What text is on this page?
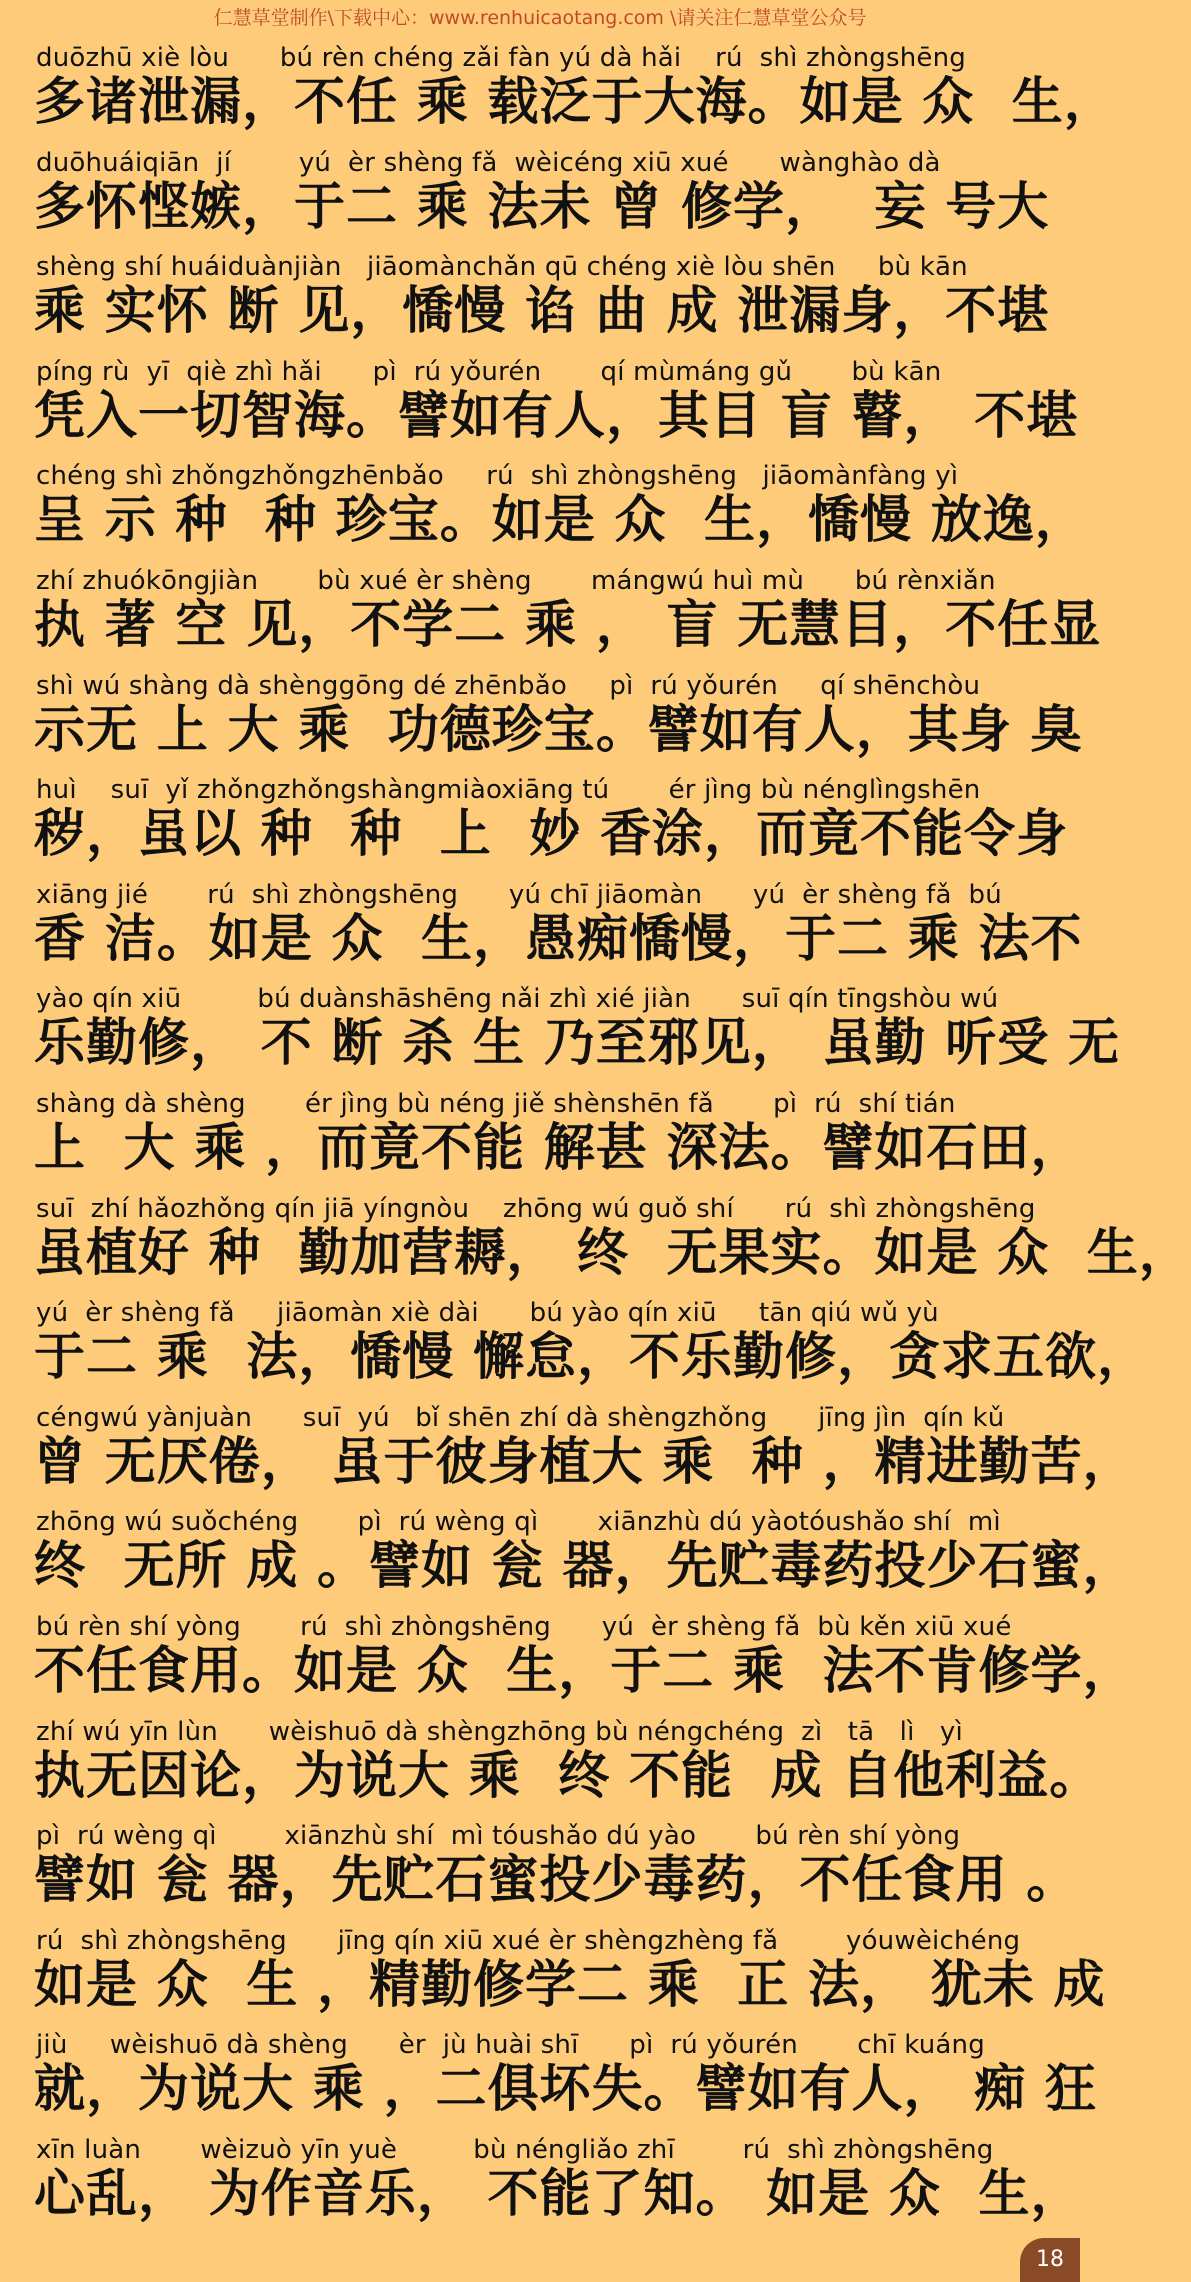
仁慧草堂制作\下载中心：www.renhuicaotang.com \请关注仁慧草堂公众号
duōzhū xiè lòu      bú rèn chéng zǎi fàn yú dà hǎi    rú  shì zhòngshēng
多诸泄漏，不任 乘 载泛于大海。如是 众  生，
duōhuáiqiān  jí        yú  èr shèng fǎ  wèicéng xiū xué      wànghào dà
多怀悭嫉，于二 乘 法未 曾 修学，  妄 号大
shèng shí huáiduànjiàn   jiāomànchǎn qū chéng xiè lòu shēn     bù kān
乘 实怀 断 见，憍慢 谄 曲 成 泄漏身，不堪
píng rù  yī  qiè zhì hǎi      pì  rú yǒurén       qí mùmáng gǔ       bù kān
凭入一切智海。譬如有人，其目 盲 瞽， 不堪
chéng shì zhǒngzhǒngzhēnbǎo     rú  shì zhòngshēng   jiāomànfàng yì
呈 示 种  种 珍宝。如是 众  生，憍慢 放逸，
zhí zhuókōngjiàn       bù xué èr shèng       mángwú huì mù      bú rènxiǎn
执 著 空 见，不学二 乘 ， 盲 无慧目，不任显
shì wú shàng dà shènggōng dé zhēnbǎo     pì  rú yǒurén     qí shēnchòu
示无 上 大 乘  功德珍宝。譬如有人，其身 臭
huì    suī  yǐ zhǒngzhǒngshàngmiàoxiāng tú       ér jìng bù nénglìngshēn
秽，虽以 种  种  上  妙 香涂，而竟不能令身
xiāng jié       rú  shì zhòngshēng      yú chī jiāomàn      yú  èr shèng fǎ  bú
香 洁。如是 众  生，愚痴憍慢，于二 乘 法不
yào qín xiū         bú duànshāshēng nǎi zhì xié jiàn      suī qín tīngshòu wú
乐勤修， 不 断 杀 生 乃至邪见， 虽勤 听受 无
shàng dà shèng       ér jìng bù néng jiě shènshēn fǎ       pì  rú  shí tián
上  大 乘 ，而竟不能 解甚 深法。譬如石田，
suī  zhí hǎozhǒng qín jiā yíngnòu    zhōng wú guǒ shí      rú  shì zhòngshēng
虽植好 种  勤加营耨， 终  无果实。如是 众  生，
yú  èr shèng fǎ     jiāomàn xiè dài      bú yào qín xiū     tān qiú wǔ yù
于二 乘  法，憍慢 懈怠，不乐勤修，贪求五欲，
céngwú yànjuàn      suī  yú   bǐ shēn zhí dà shèngzhǒng      jīng jìn  qín kǔ
曾 无厌倦， 虽于彼身植大 乘  种 ，精进勤苦，
zhōng wú suǒchéng       pì  rú wèng qì       xiānzhù dú yàotóushǎo shí  mì
终  无所 成 。譬如 瓮 器，先贮毒药投少石蜜，
bú rèn shí yòng       rú  shì zhòngshēng      yú  èr shèng fǎ  bù kěn xiū xué
不任食用。如是 众  生，于二 乘  法不肯修学，
zhí wú yīn lùn      wèishuō dà shèngzhōng bù néngchéng  zì   tā   lì   yì
执无因论，为说大 乘  终 不能  成 自他利益。
pì  rú wèng qì        xiānzhù shí  mì tóushǎo dú yào       bú rèn shí yòng
譬如 瓮 器，先贮石蜜投少毒药，不任食用 。
rú  shì zhòngshēng      jīng qín xiū xué èr shèngzhèng fǎ        yóuwèichéng
如是 众  生 ，精勤修学二 乘  正 法， 犹未 成
jiù     wèishuō dà shèng      èr  jù huài shī      pì  rú yǒurén       chī kuáng
就，为说大 乘 ，二俱坏失。譬如有人， 痴 狂
xīn luàn       wèizuò yīn yuè         bù néngliǎo zhī        rú  shì zhòngshēng
心乱， 为作音乐， 不能了知。 如是 众  生，
18
